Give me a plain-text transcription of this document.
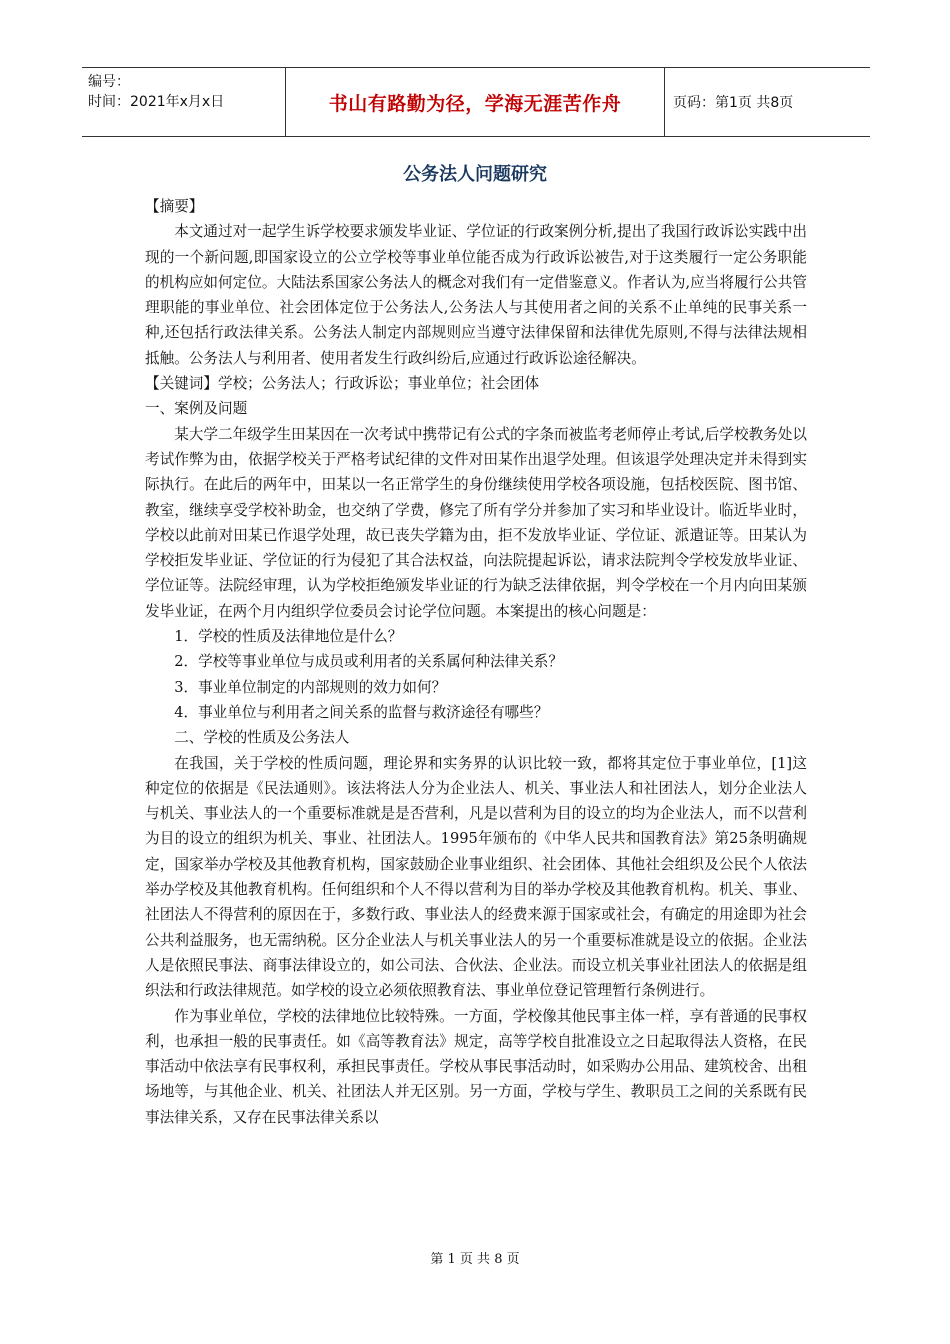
编号：
时间：2021年x月x日	书山有路勤为径，学海无涯苦作舟	页码：第1页 共8页
公务法人问题研究

【摘要】

本文通过对一起学生诉学校要求颁发毕业证、学位证的行政案例分析,提出了我国行政诉讼实践中出现的一个新问题,即国家设立的公立学校等事业单位能否成为行政诉讼被告,对于这类履行一定公务职能的机构应如何定位。大陆法系国家公务法人的概念对我们有一定借鉴意义。作者认为,应当将履行公共管理职能的事业单位、社会团体定位于公务法人,公务法人与其使用者之间的关系不止单纯的民事关系一种,还包括行政法律关系。公务法人制定内部规则应当遵守法律保留和法律优先原则,不得与法律法规相抵触。公务法人与利用者、使用者发生行政纠纷后,应通过行政诉讼途径解决。

【关键词】学校；公务法人；行政诉讼；事业单位；社会团体

一、案例及问题

某大学二年级学生田某因在一次考试中携带记有公式的字条而被监考老师停止考试,后学校教务处以考试作弊为由，依据学校关于严格考试纪律的文件对田某作出退学处理。但该退学处理决定并未得到实际执行。在此后的两年中，田某以一名正常学生的身份继续使用学校各项设施，包括校医院、图书馆、教室，继续享受学校补助金，也交纳了学费，修完了所有学分并参加了实习和毕业设计。临近毕业时，学校以此前对田某已作退学处理，故已丧失学籍为由，拒不发放毕业证、学位证、派遣证等。田某认为学校拒发毕业证、学位证的行为侵犯了其合法权益，向法院提起诉讼，请求法院判令学校发放毕业证、学位证等。法院经审理，认为学校拒绝颁发毕业证的行为缺乏法律依据，判令学校在一个月内向田某颁发毕业证，在两个月内组织学位委员会讨论学位问题。本案提出的核心问题是：

1．学校的性质及法律地位是什么？

2．学校等事业单位与成员或利用者的关系属何种法律关系？

3．事业单位制定的内部规则的效力如何？

4．事业单位与利用者之间关系的监督与救济途径有哪些？

二、学校的性质及公务法人

在我国，关于学校的性质问题，理论界和实务界的认识比较一致，都将其定位于事业单位，[1]这种定位的依据是《民法通则》。该法将法人分为企业法人、机关、事业法人和社团法人，划分企业法人与机关、事业法人的一个重要标准就是是否营利，凡是以营利为目的设立的均为企业法人，而不以营利为目的设立的组织为机关、事业、社团法人。1995年颁布的《中华人民共和国教育法》第25条明确规定，国家举办学校及其他教育机构，国家鼓励企业事业组织、社会团体、其他社会组织及公民个人依法举办学校及其他教育机构。任何组织和个人不得以营利为目的举办学校及其他教育机构。机关、事业、社团法人不得营利的原因在于，多数行政、事业法人的经费来源于国家或社会，有确定的用途即为社会公共利益服务，也无需纳税。区分企业法人与机关事业法人的另一个重要标准就是设立的依据。企业法人是依照民事法、商事法律设立的，如公司法、合伙法、企业法。而设立机关事业社团法人的依据是组织法和行政法律规范。如学校的设立必须依照教育法、事业单位登记管理暂行条例进行。

作为事业单位，学校的法律地位比较特殊。一方面，学校像其他民事主体一样，享有普通的民事权利，也承担一般的民事责任。如《高等教育法》规定，高等学校自批准设立之日起取得法人资格，在民事活动中依法享有民事权利，承担民事责任。学校从事民事活动时，如采购办公用品、建筑校舍、出租场地等，与其他企业、机关、社团法人并无区别。另一方面，学校与学生、教职员工之间的关系既有民事法律关系，又存在民事法律关系以

第 1 页 共 8 页
